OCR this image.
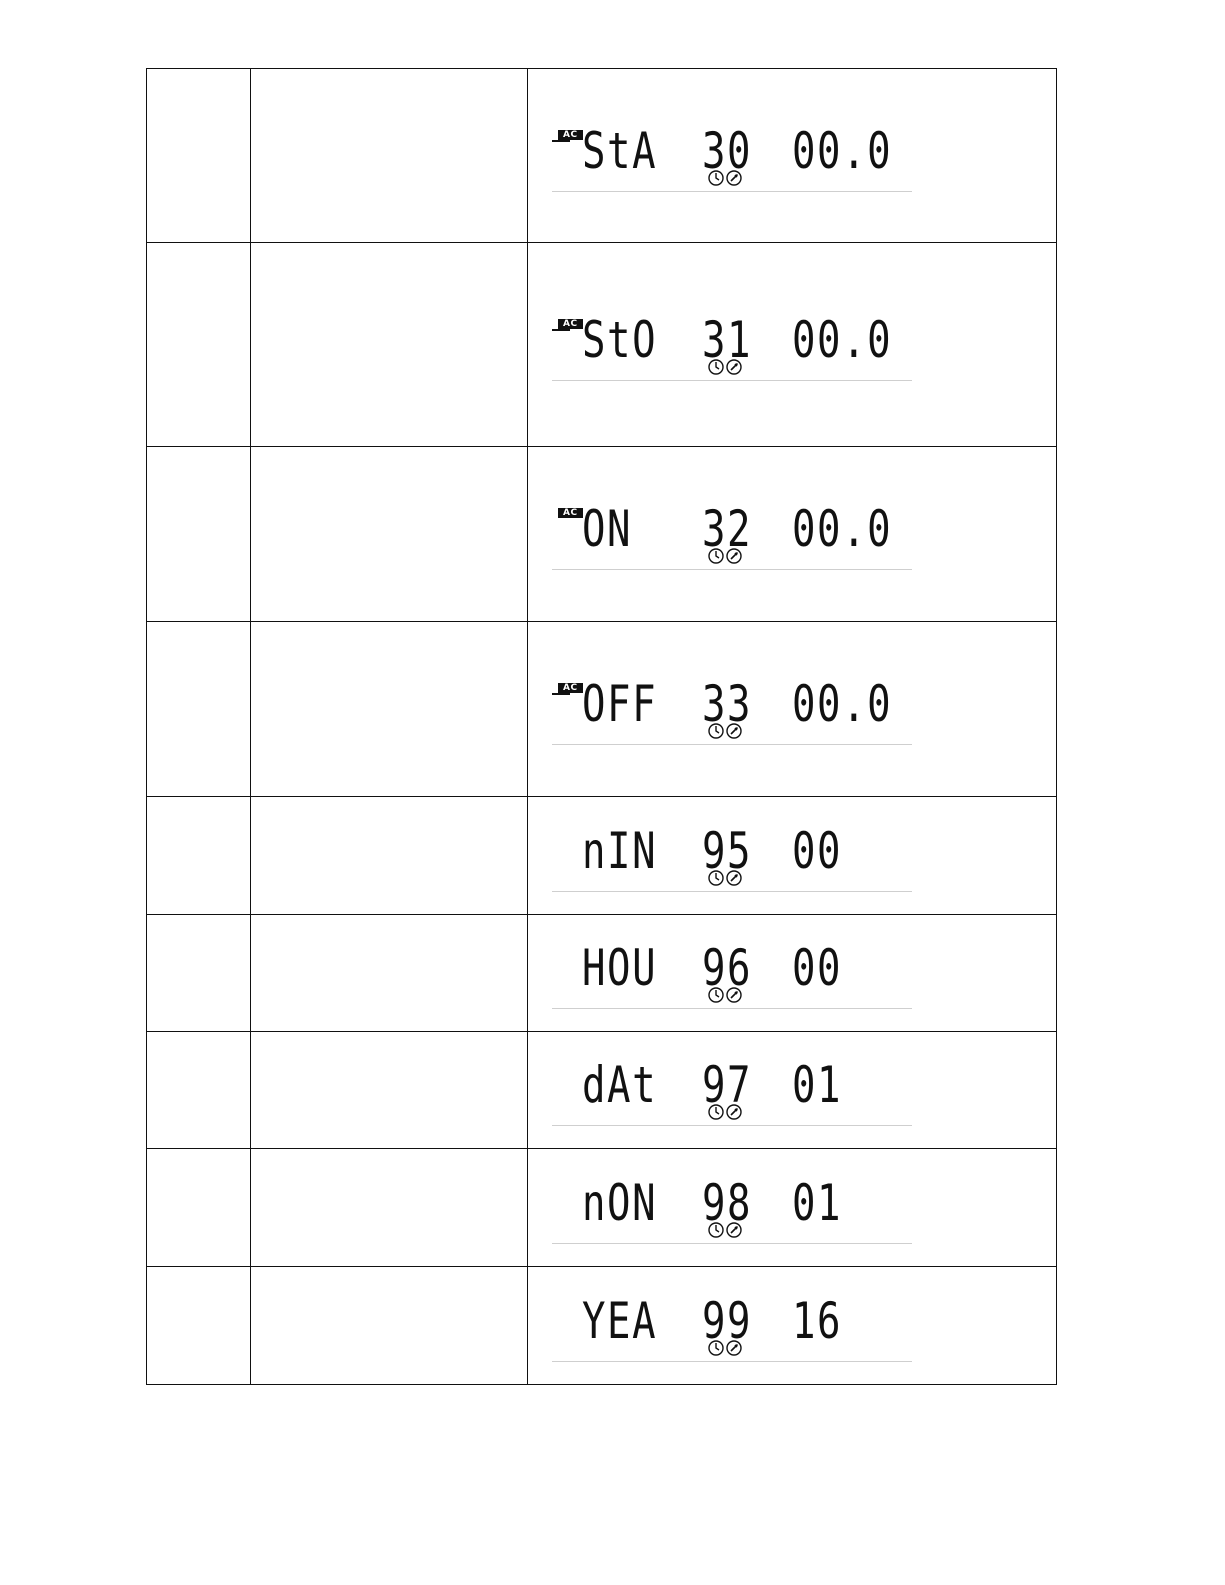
		AC StA 30 00.0

		AC StO 31 00.0

		AC ON 32 00.0

		AC OFF 33 00.0

		nIN 95 00

		HOU 96 00

		dAt 97 01

		nON 98 01

		YEA 99 16
